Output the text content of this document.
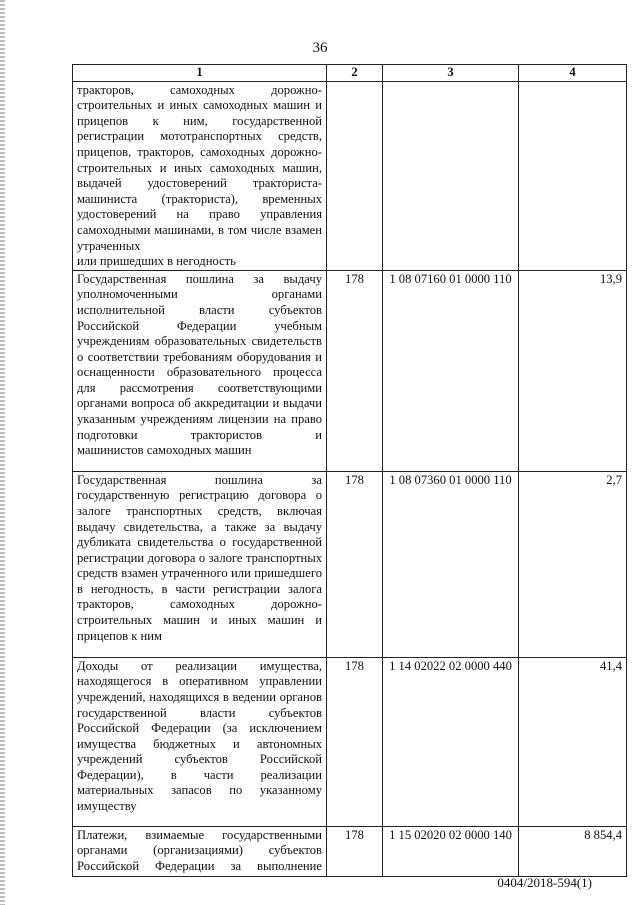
36
1	2	3	4
тракторов, самоходных дорожно-строительных и иных самоходных машин и прицепов к ним, государственной регистрации мототранспортных средств, прицепов, тракторов, самоходных дорожно-строительных и иных самоходных машин, выдачей удостоверений тракториста-машиниста (тракториста), временных удостоверений на право управления самоходными машинами, в том числе взамен утраченных
или пришедших в негодность			

Государственная пошлина за выдачу уполномоченными органами исполнительной власти субъектов Российской Федерации учебным учреждениям образовательных свидетельств о соответствии требованиям оборудования и оснащенности образовательного процесса для рассмотрения соответствующими органами вопроса об аккредитации и выдачи указанным учреждениям лицензии на право подготовки трактористов и
машинистов самоходных машин	178	1 08 07160 01 0000 110	13,9
Государственная пошлина за государственную регистрацию договора о залоге транспортных средств, включая выдачу свидетельства, а также за выдачу дубликата свидетельства о государственной регистрации договора о залоге транспортных средств взамен утраченного или пришедшего в негодность, в части регистрации залога тракторов, самоходных дорожно-строительных машин и иных машин и
прицепов к ним	178	1 08 07360 01 0000 110	2,7
Доходы от реализации имущества, находящегося в оперативном управлении учреждений, находящихся в ведении органов государственной власти субъектов Российской Федерации (за исключением имущества бюджетных и автономных учреждений субъектов Российской Федерации), в части реализации материальных запасов по указанному
имуществу	178	1 14 02022 02 0000 440	41,4
Платежи, взимаемые государственными органами (организациями) субъектов Российской Федерации за выполнение	178	1 15 02020 02 0000 140	8 854,4
0404/2018-594(1)
